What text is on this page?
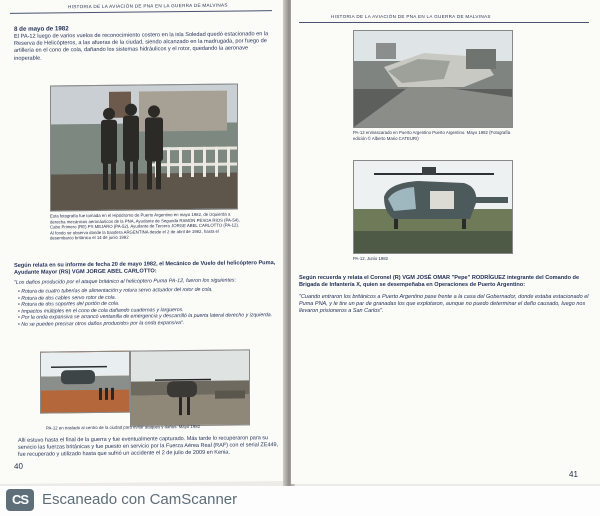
HISTORIA DE LA AVIACIÓN DE PNA EN LA GUERRA DE MALVINAS
8 de mayo de 1982
El PA-12 luego de varios vuelos de reconocimiento costero en la isla Soledad quedó estacionado en la Reserva de Helicópteros, a las afueras de la ciudad, siendo alcanzado en la madrugada, por fuego de artillería en el cono de cola, dañando los sistemas hidráulicos y el rotor, quedando la aeronave inoperable.
Esta fotografía fue tomada en el Hipódromo de Puerto Argentino en mayo 1982, de izquierda a derecha mecánicos aeronáuticos de la PNA, Ayudante de Segunda RAMÓN PESOA RIOS (PA-54), Cabo Primero (RE) PS MEJARO (PA-52), Ayudante de Tercera JORGE ABEL CARLOTTO (PA-12). Al fondo se observa donde la bandera ARGENTINA desde el 2 de abril de 1982, hasta el desembarco británico el 14 de junio 1982
Según relata en su informe de fecha 20 de mayo 1982, el Mecánico de Vuelo del helicóptero Puma, Ayudante Mayor (RS) VGM JORGE ABEL CARLOTTO:
"Los daños producido por el ataque británico al helicóptero Puma PA-12, fueron los siguientes:
• Rotura de cuatro tuberías de alimentación y rotura servo actuador del rotor de cola.
• Rotura de dos cables servo rotor de cola.
• Rotura de dos soportes del portón de cola.
• Impactos múltiples en el cono de cola dañando cuadernas y largueros.
• Por la onda expansiva se arrancó ventanilla de emergencia y descarrilló la puerta lateral derecho y izquierda.
• No se pueden precisar otros daños producidos por la onda expansiva".
PA-12 en traslado al centro de la ciudad para evitar ataques y daños. Mayo 1982
Allí estuvo hasta el final de la guerra y fue eventualmente capturado. Más tarde lo recuperaron para su servicio las fuerzas británicas y fue puesto en servicio por la Fuerza Aérea Real (RAF) con el serial ZE449, fue recuperado y utilizado hasta que sufrió un accidente el 2 de julio de 2009 en Kenia.
40
HISTORIA DE LA AVIACIÓN DE PNA EN LA GUERRA DE MALVINAS
PA-12 enmascarado en Puerto Argentino Puerto Argentino. Mayo 1982 (Fotografía edición © Alberto Mario CATEURI)
PA-12. Junio 1982
Según recuerda y relata el Coronel (R) VGM JOSÉ OMAR "Pepe" RODRÍGUEZ integrante del Comando de Brigada de Infantería X, quien se desempeñaba en Operaciones de Puerto Argentino:
"Cuando entraron los británicos a Puerto Argentino pase frente a la casa del Gobernador, donde estaba estacionado el Puma PNA, y le tire un par de granadas los que explotaron, aunque no puedo determinar el daño causado, luego nos llevaron prisioneros a San Carlos".
41
CS Escaneado con CamScanner
